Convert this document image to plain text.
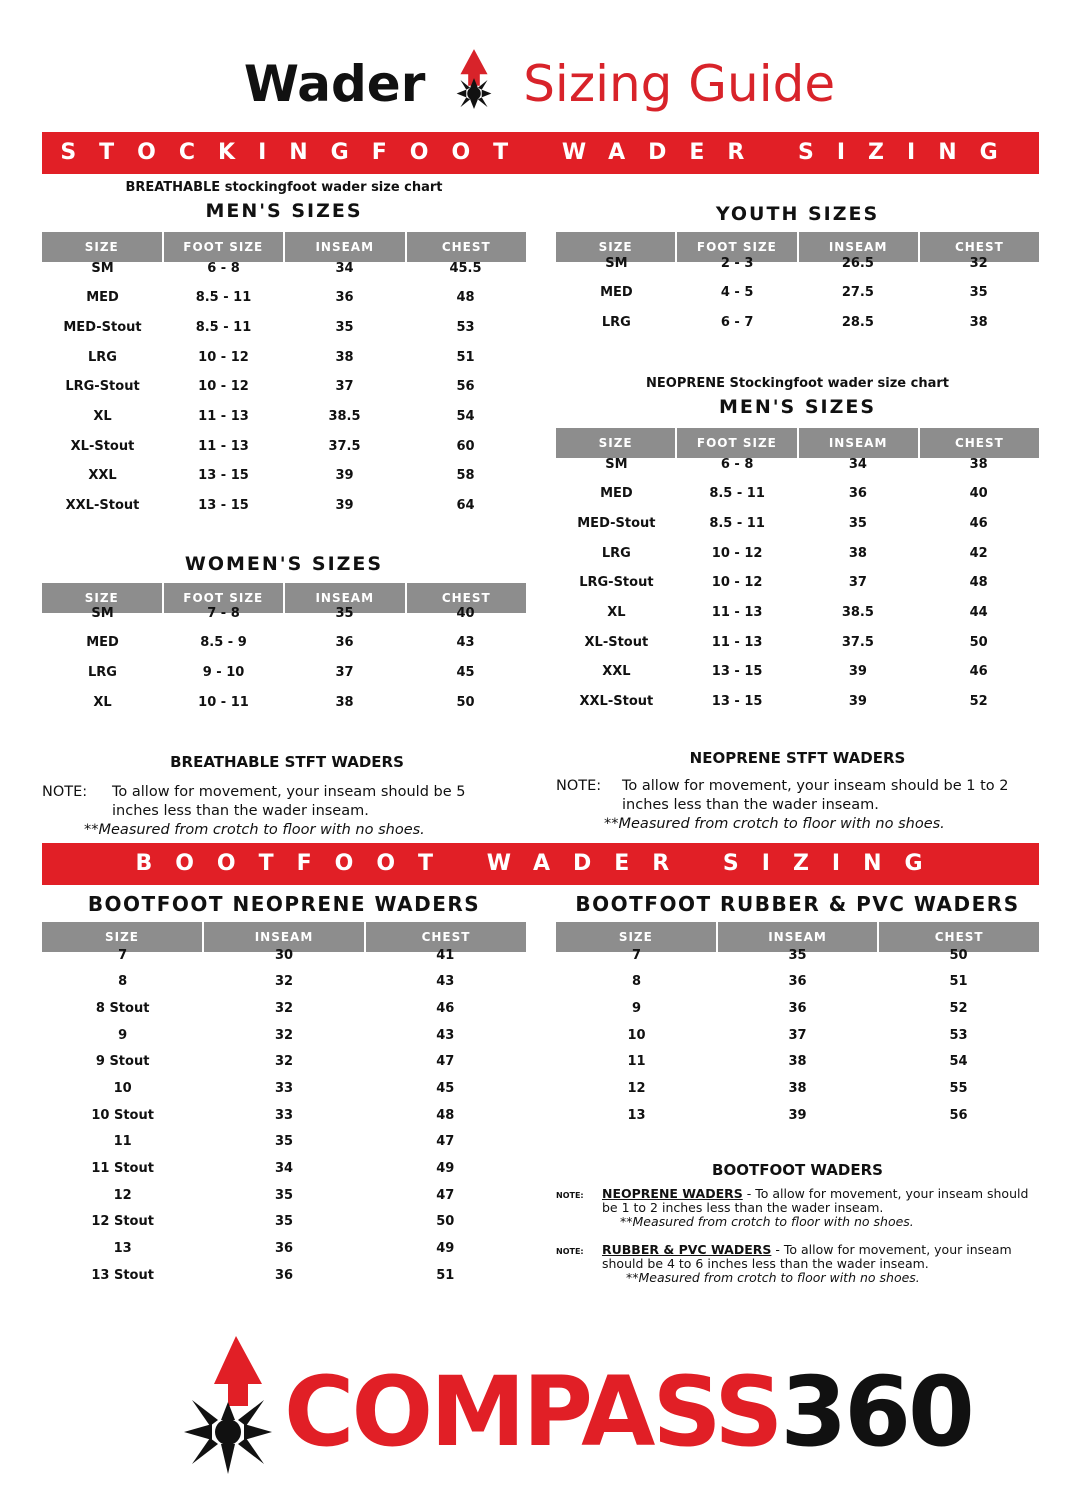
Wader Sizing Guide
STOCKINGFOOT WADER SIZING
BREATHABLE stockingfoot wader size chart
MEN'S SIZES
SIZE	FOOT SIZE	INSEAM	CHEST
SM	6 - 8	34	45.5
MED	8.5 - 11	36	48
MED-Stout	8.5 - 11	35	53
LRG	10 - 12	38	51
LRG-Stout	10 - 12	37	56
XL	11 - 13	38.5	54
XL-Stout	11 - 13	37.5	60
XXL	13 - 15	39	58
XXL-Stout	13 - 15	39	64
WOMEN'S SIZES
SIZE	FOOT SIZE	INSEAM	CHEST
SM	7 - 8	35	40
MED	8.5 - 9	36	43
LRG	9 - 10	37	45
XL	10 - 11	38	50
BREATHABLE STFT WADERS
NOTE:	To allow for movement, your inseam should be 5 inches less than the wader inseam.
**Measured from crotch to floor with no shoes.
YOUTH SIZES
SIZE	FOOT SIZE	INSEAM	CHEST
SM	2 - 3	26.5	32
MED	4 - 5	27.5	35
LRG	6 - 7	28.5	38
NEOPRENE Stockingfoot wader size chart
MEN'S SIZES
SIZE	FOOT SIZE	INSEAM	CHEST
SM	6 - 8	34	38
MED	8.5 - 11	36	40
MED-Stout	8.5 - 11	35	46
LRG	10 - 12	38	42
LRG-Stout	10 - 12	37	48
XL	11 - 13	38.5	44
XL-Stout	11 - 13	37.5	50
XXL	13 - 15	39	46
XXL-Stout	13 - 15	39	52
NEOPRENE STFT WADERS
NOTE:	To allow for movement, your inseam should be 1 to 2 inches less than the wader inseam.
**Measured from crotch to floor with no shoes.
BOOTFOOT WADER SIZING
BOOTFOOT NEOPRENE WADERS
SIZE	INSEAM	CHEST
7	30	41
8	32	43
8 Stout	32	46
9	32	43
9 Stout	32	47
10	33	45
10 Stout	33	48
11	35	47
11 Stout	34	49
12	35	47
12 Stout	35	50
13	36	49
13 Stout	36	51
BOOTFOOT RUBBER & PVC WADERS
SIZE	INSEAM	CHEST
7	35	50
8	36	51
9	36	52
10	37	53
11	38	54
12	38	55
13	39	56
BOOTFOOT WADERS
NOTE:	NEOPRENE WADERS - To allow for movement, your inseam should be 1 to 2 inches less than the wader inseam.
**Measured from crotch to floor with no shoes.
NOTE:	RUBBER & PVC WADERS - To allow for movement, your inseam should be 4 to 6 inches less than the wader inseam.
**Measured from crotch to floor with no shoes.
COMPASS360
